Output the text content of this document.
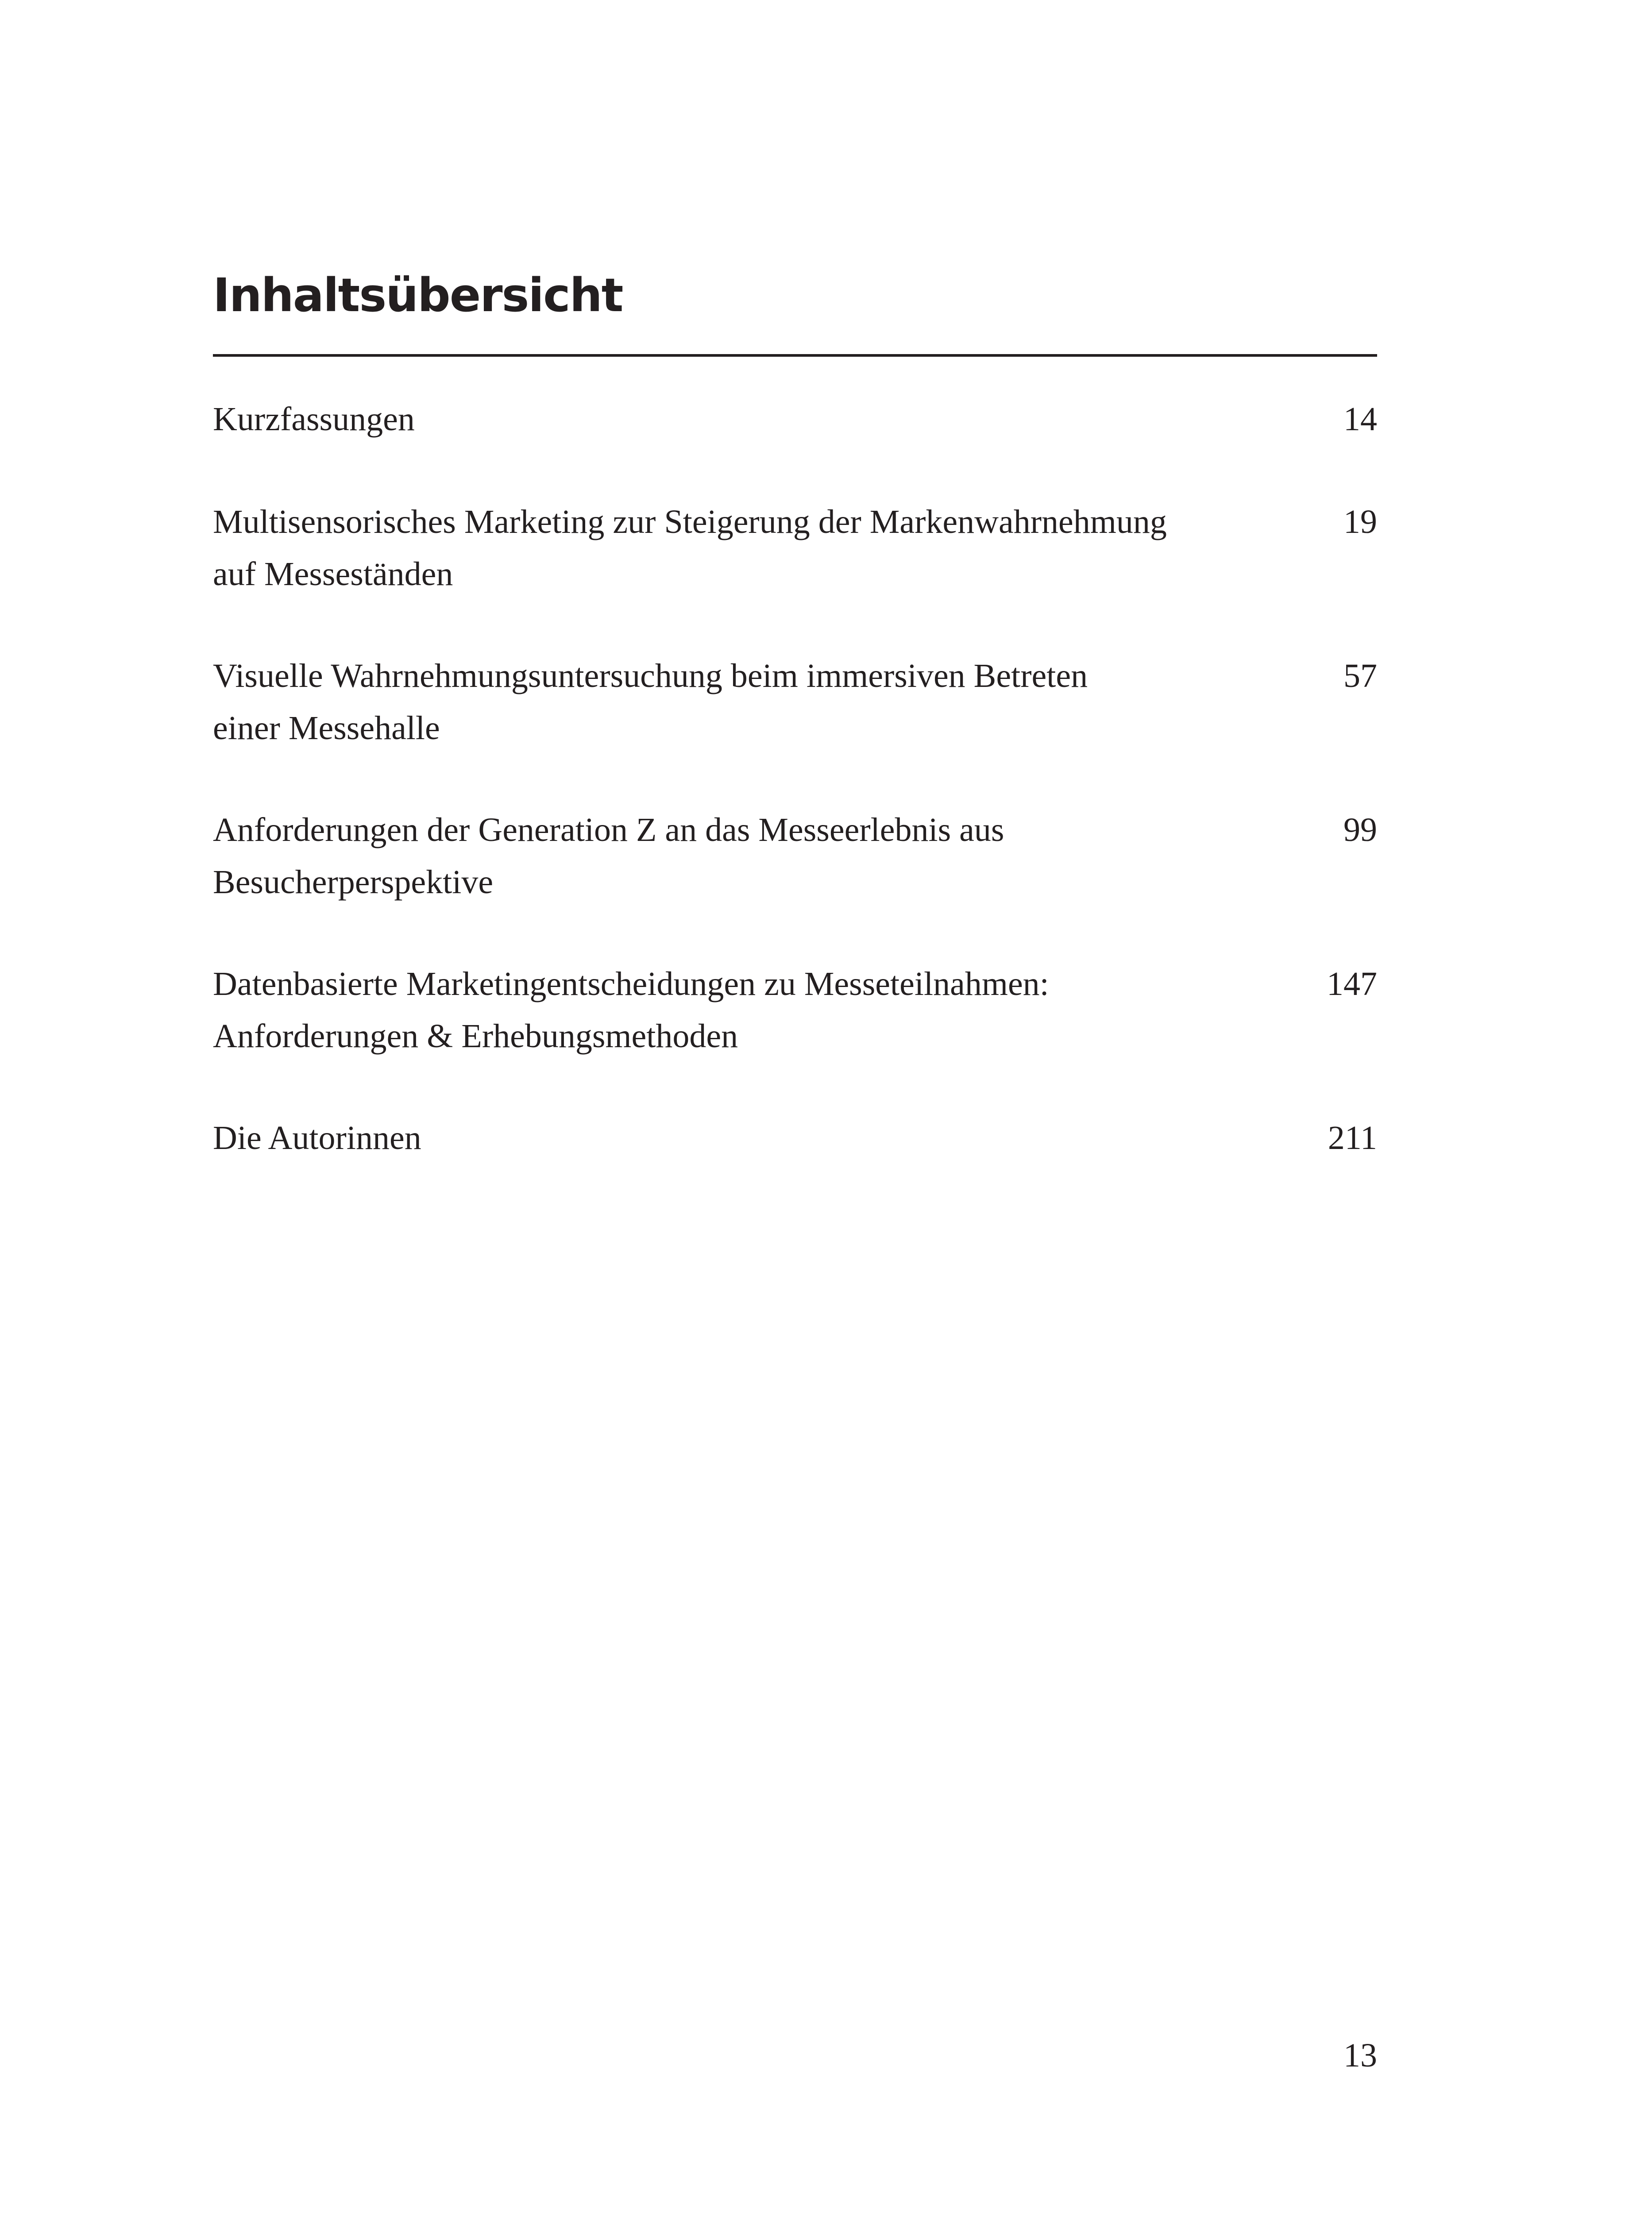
Inhaltsübersicht
Kurzfassungen	14
Multisensorisches Marketing zur Steigerung der Markenwahrnehmung
auf Messeständen
19
Visuelle Wahrnehmungsuntersuchung beim immersiven Betreten
einer Messehalle
57
Anforderungen der Generation Z an das Messeerlebnis aus
Besucherperspektive
99
Datenbasierte Marketingentscheidungen zu Messeteilnahmen:
Anforderungen & Erhebungsmethoden
147
Die Autorinnen	211
13
